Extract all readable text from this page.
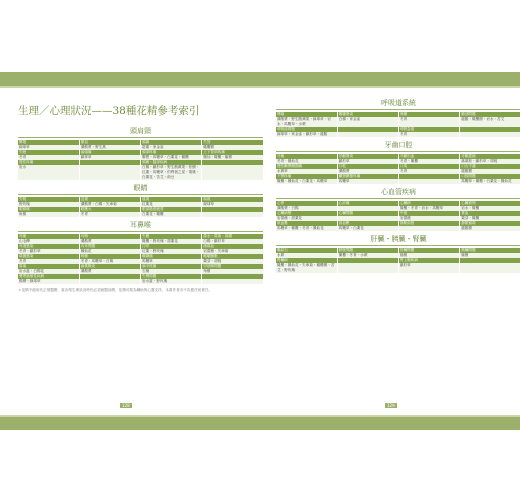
生理／心理狀況——38種花精參考索引
頭肩頸
鬱悶	緊迫	頭痛	失智
線球草	溝酸漿・野生燕	甜栗・家金雀	橄欖樹
失眠	偏頭痛	頭部疼痛	上下背部疼痛
冬青	鐵掌草	聯想・馬鞭草・白栗花・橄欖	鳳仙・橄欖・榆樹
慢性疼痛		頭痛・腦部疾病	
岩水		白楊・鐵杉草・野生酸蘋果・松樹・紅栗・馬鞭草・伯利恆之星・胡桃・白栗花・苦艾・荊豆	
眼睛
失明	近視	遠視	弱視
野玫瑰	溝酸漿・白楊・矢車菊	紅栗花	線球草
眼睛痛	眼壓大	眼部過度疲勞	
角樹	冬青	白栗花・橄欖	
耳鼻喉
耳痛	耳鳴	失聰	鼻水・鼻塞・鼻癢
山毛櫸	溝酸漿	橄欖・野玫瑰・甜栗花	白楊・鐵杉草
耳道感染	內耳問題	打呼	流鼻血
冬青・鐵杉草	鳳仙花	紅栗・野玫瑰	岩薔薇・矢車菊
鼻竇感染	咳嗽	喉嚨痛	喉嚨腫脹
冬青	冬青・馬鞭草・白楊	馬鞭草	栗芽・胡桃
鼻塞	扁桃腺炎	扁平疣痛	甲狀腺問題
岩水薑・白楊花	溝酸漿	石楠	角樹
聲帶過敏性疾病		失聲問題	
楊柳・線球草		岩水薑・野玫瑰	
＊花精不能取代正規醫療，當出現生理狀況時仍必須就醫治療，花精可做為輔助的心靈支持，本書作者亦不負擔任何責任。
呼吸道系統
哮喘	喉嚨發炎	咳嗽	肺部問題
溝酸漿・野生酸蘋果・線球草・岩水・馬鞭草・水蕨	白楊・家金雀	冬青	龍膽・橄欖樹・岩水・苦艾
呼吸道問題		呼吸急促	
線球草・家金雀・鐵杉草・龍膽		冬青	
牙齒口腔
牙痛	牙齦發炎	牙齦出血	牙齦萎縮
冬青・鳳仙花	鐵杉草	冬青・橄欖	落葉松・鐵杉草・胡桃
慢性顳顎關節痛	口乾	口臭	口舌不適
水蕨草	溝酸漿	冬青	龍膽樹
下顎疼痛	顳顎關節疼痛		口腔問題
橄欖・鳳仙花・白栗花・馬鞭草	馬鞭草		馬鞭草・橄欖・白栗花・鳳仙花
心血管疾病
心悸	心絞痛	心臟病	心臟衰竭
溝酸漿・白楊		橄欖・冬青・岩水・馬鞭草	岩水・橄欖
心臟病變	心臟問題	中風	貧血
岩薔薇・甜栗花		岩薔薇	栗芽・橄欖
低血壓	高血壓	靜脈曲張	靜脈循環
馬鞭草・橄欖・冬青・鳳仙花	馬鞭草・白栗花		龍膽樹
肝臟・胰臟・腎臟
膽結石	膀胱問題	肝臟問題	胰臟問題
水蕨	橄欖・冬青・水蕨	榆樹	榆樹
腎臟病		腎上腺疾病	
橄欖・鳳仙花・矢車菊・橄欖樹・苦艾・野玫瑰		鐵杉草	
128	129
